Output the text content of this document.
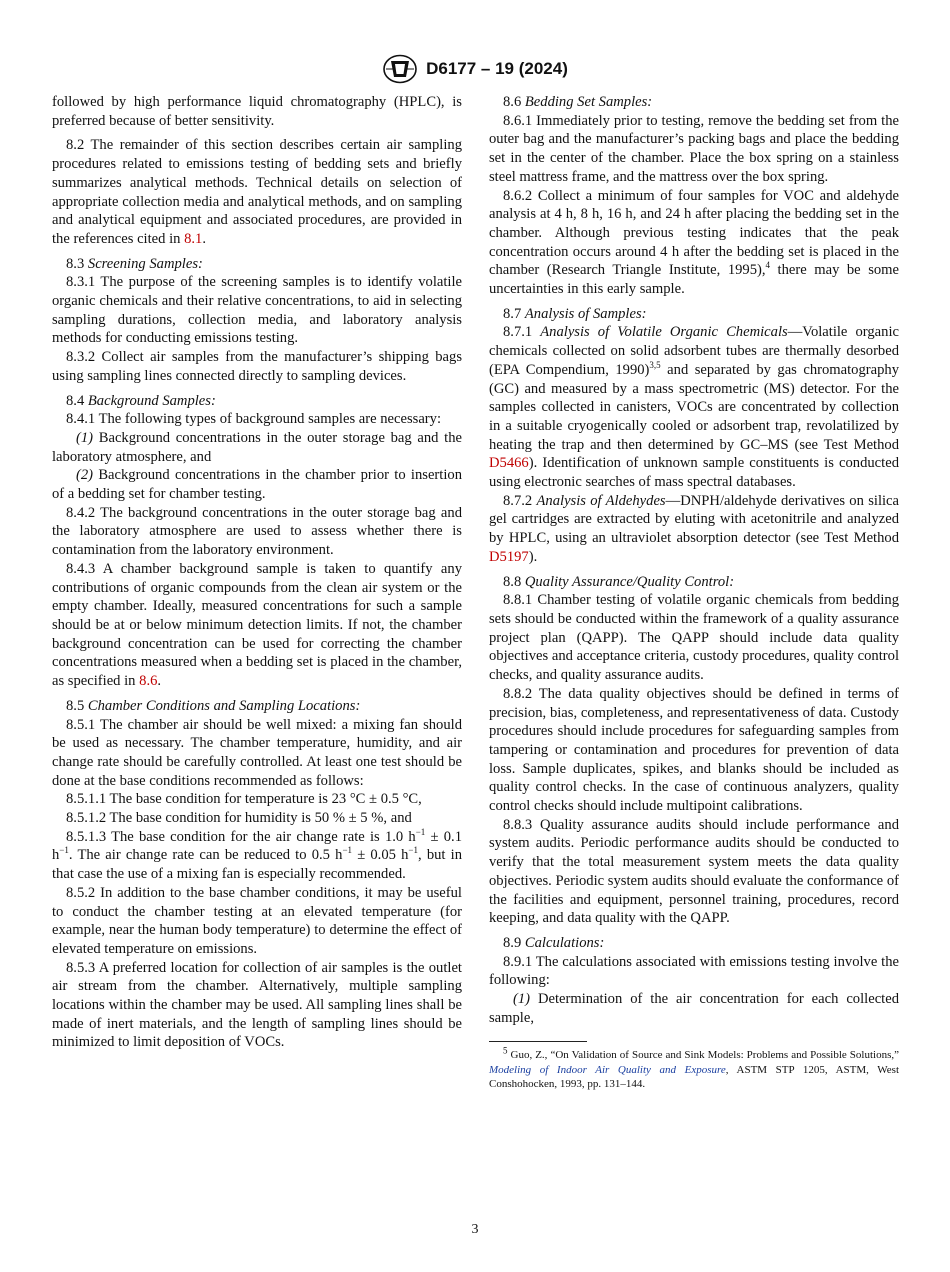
D6177 – 19 (2024)

followed by high performance liquid chromatography (HPLC), is preferred because of better sensitivity.

8.2 The remainder of this section describes certain air sampling procedures related to emissions testing of bedding sets and briefly summarizes analytical methods. Technical details on selection of appropriate collection media and analytical methods, and on sampling and analytical equipment and associated procedures, are provided in the references cited in 8.1.

8.3 Screening Samples:

8.3.1 The purpose of the screening samples is to identify volatile organic chemicals and their relative concentrations, to aid in selecting sampling durations, collection media, and laboratory analysis methods for conducting emissions testing.

8.3.2 Collect air samples from the manufacturer’s shipping bags using sampling lines connected directly to sampling devices.

8.4 Background Samples:

8.4.1 The following types of background samples are necessary:

(1) Background concentrations in the outer storage bag and the laboratory atmosphere, and

(2) Background concentrations in the chamber prior to insertion of a bedding set for chamber testing.

8.4.2 The background concentrations in the outer storage bag and the laboratory atmosphere are used to assess whether there is contamination from the laboratory environment.

8.4.3 A chamber background sample is taken to quantify any contributions of organic compounds from the clean air system or the empty chamber. Ideally, measured concentrations for such a sample should be at or below minimum detection limits. If not, the chamber background concentration can be used for correcting the chamber concentrations measured when a bedding set is placed in the chamber, as specified in 8.6.

8.5 Chamber Conditions and Sampling Locations:

8.5.1 The chamber air should be well mixed: a mixing fan should be used as necessary. The chamber temperature, humidity, and air change rate should be carefully controlled. At least one test should be done at the base conditions recommended as follows:

8.5.1.1 The base condition for temperature is 23 °C ± 0.5 °C,

8.5.1.2 The base condition for humidity is 50 % ± 5 %, and

8.5.1.3 The base condition for the air change rate is 1.0 $h^{-1} \pm 0.1$ $h^{-1}$. The air change rate can be reduced to 0.5 $h^{-1} \pm 0.05$ $h^{-1}$, but in that case the use of a mixing fan is especially recommended.

8.5.2 In addition to the base chamber conditions, it may be useful to conduct the chamber testing at an elevated temperature (for example, near the human body temperature) to determine the effect of elevated temperature on emissions.

8.5.3 A preferred location for collection of air samples is the outlet air stream from the chamber. Alternatively, multiple sampling locations within the chamber may be used. All sampling lines shall be made of inert materials, and the length of sampling lines should be minimized to limit deposition of VOCs.

8.6 Bedding Set Samples:

8.6.1 Immediately prior to testing, remove the bedding set from the outer bag and the manufacturer’s packing bags and place the bedding set in the center of the chamber. Place the box spring on a stainless steel mattress frame, and the mattress over the box spring.

8.6.2 Collect a minimum of four samples for VOC and aldehyde analysis at 4 h, 8 h, 16 h, and 24 h after placing the bedding set in the chamber. Although previous testing indicates that the peak concentration occurs around 4 h after the bedding set is placed in the chamber (Research Triangle Institute, 1995),$^4$ there may be some uncertainties in this early sample.

8.7 Analysis of Samples:

8.7.1 Analysis of Volatile Organic Chemicals—Volatile organic chemicals collected on solid adsorbent tubes are thermally desorbed (EPA Compendium, 1990)$^{3,5}$ and separated by gas chromatography (GC) and measured by a mass spectrometric (MS) detector. For the samples collected in canisters, VOCs are concentrated by collection in a suitable cryogenically cooled or adsorbent trap, revolatilized by heating the trap and then determined by GC–MS (see Test Method D5466). Identification of unknown sample constituents is conducted using electronic searches of mass spectral databases.

8.7.2 Analysis of Aldehydes—DNPH/aldehyde derivatives on silica gel cartridges are extracted by eluting with acetonitrile and analyzed by HPLC, using an ultraviolet absorption detector (see Test Method D5197).

8.8 Quality Assurance/Quality Control:

8.8.1 Chamber testing of volatile organic chemicals from bedding sets should be conducted within the framework of a quality assurance project plan (QAPP). The QAPP should include data quality objectives and acceptance criteria, custody procedures, quality control checks, and quality assurance audits.

8.8.2 The data quality objectives should be defined in terms of precision, bias, completeness, and representativeness of data. Custody procedures should include procedures for safeguarding samples from tampering or contamination and procedures for prevention of data loss. Sample duplicates, spikes, and blanks should be included as quality control checks. In the case of continuous analyzers, quality control checks should include multipoint calibrations.

8.8.3 Quality assurance audits should include performance and system audits. Periodic performance audits should be conducted to verify that the total measurement system meets the data quality objectives. Periodic system audits should evaluate the conformance of the facilities and equipment, personnel training, procedures, record keeping, and data quality with the QAPP.

8.9 Calculations:

8.9.1 The calculations associated with emissions testing involve the following:

(1) Determination of the air concentration for each collected sample,

$^5$ Guo, Z., “On Validation of Source and Sink Models: Problems and Possible Solutions,” Modeling of Indoor Air Quality and Exposure, ASTM STP 1205, ASTM, West Conshohocken, 1993, pp. 131–144.

3
